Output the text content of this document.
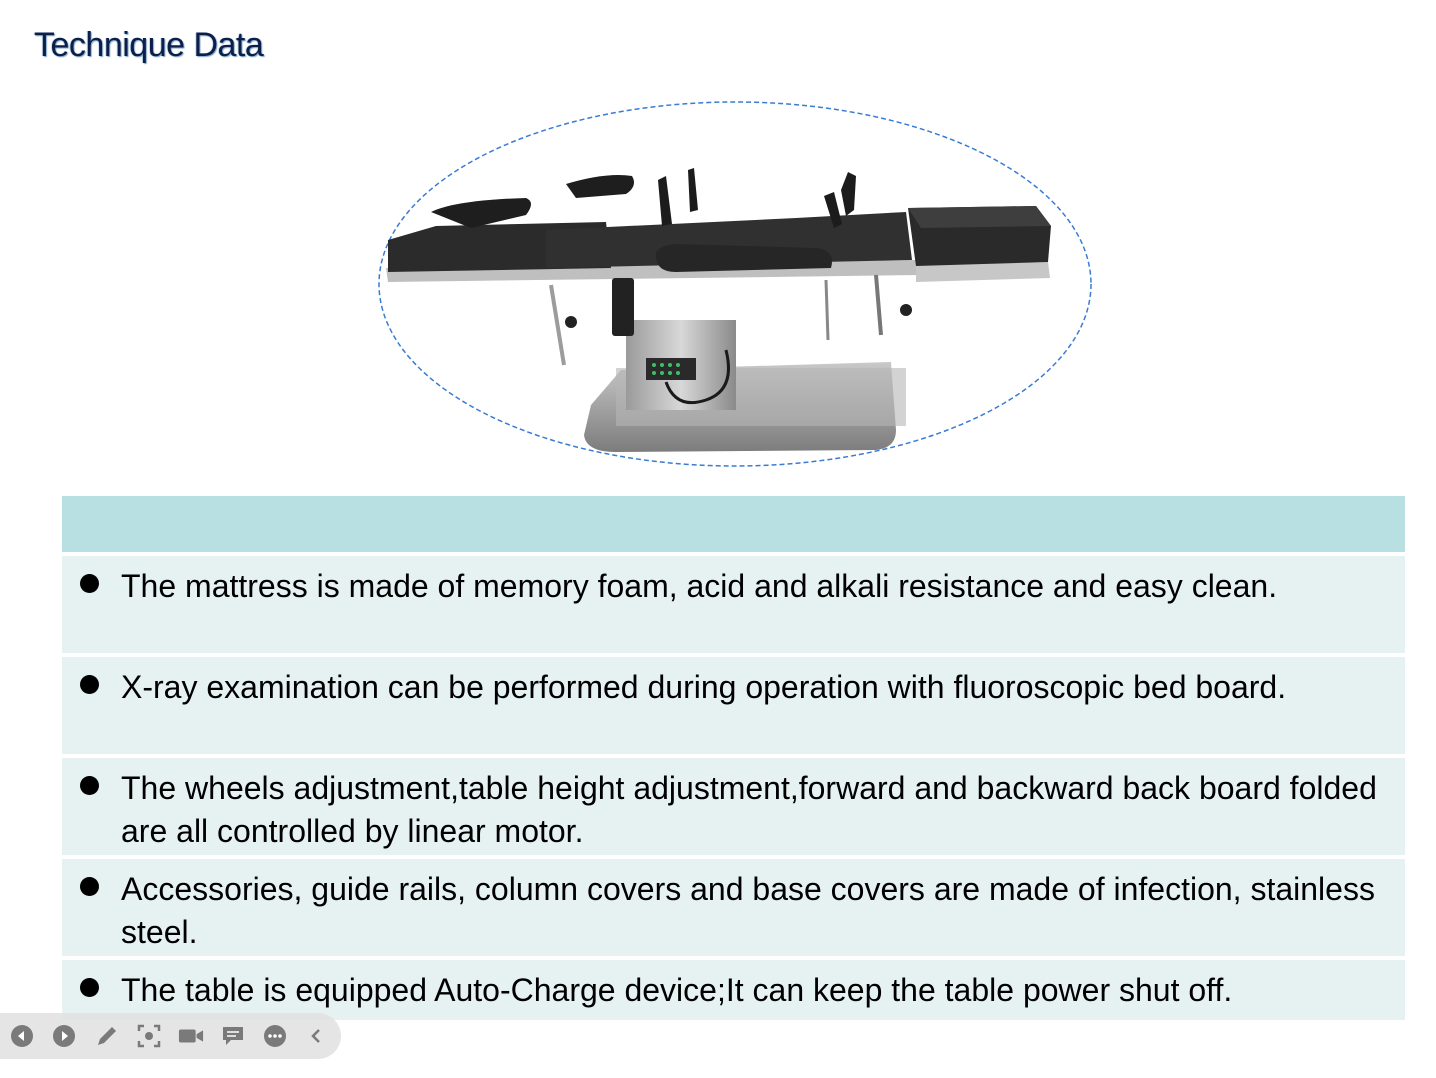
Technique Data
The mattress is made of memory foam, acid and alkali resistance and easy clean.
X-ray examination can be performed during operation with fluoroscopic bed board.
The wheels adjustment,table height adjustment,forward and backward back board folded are all controlled by linear motor.
Accessories, guide rails, column covers and base covers are made of infection, stainless steel.
The table is equipped Auto-Charge device;It can keep the table power shut off.
